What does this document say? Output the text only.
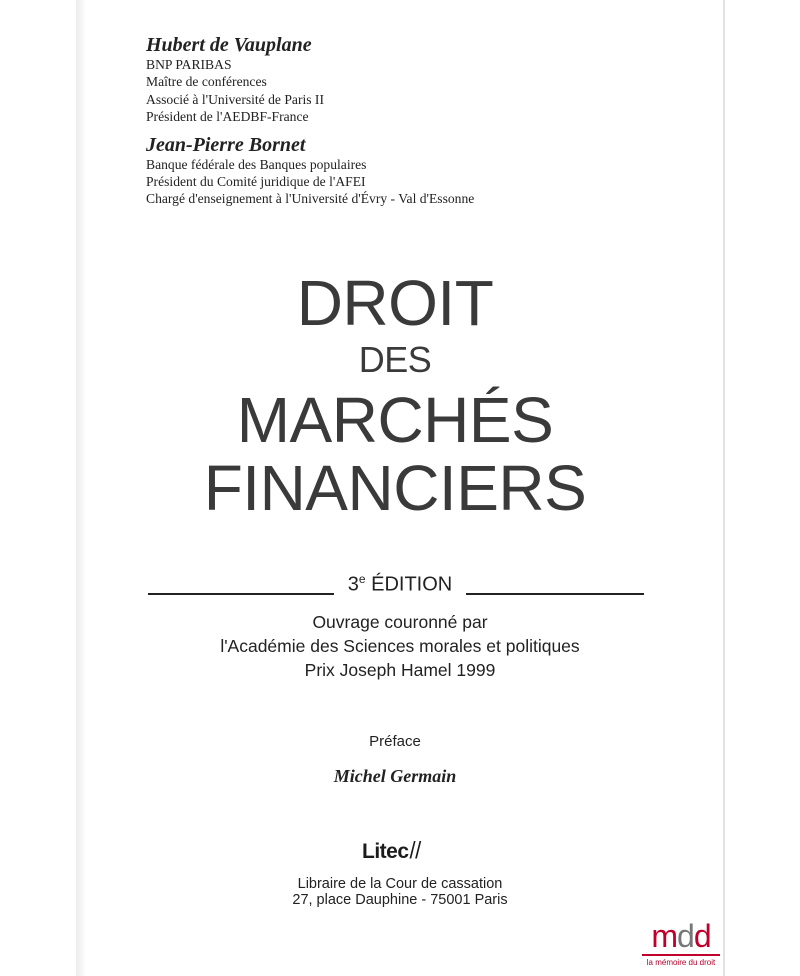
Hubert de Vauplane
BNP PARIBAS
Maître de conférences
Associé à l'Université de Paris II
Président de l'AEDBF-France
Jean-Pierre Bornet
Banque fédérale des Banques populaires
Président du Comité juridique de l'AFEI
Chargé d'enseignement à l'Université d'Évry - Val d'Essonne
DROIT
DES
MARCHÉS
FINANCIERS
3e ÉDITION
Ouvrage couronné par
l'Académie des Sciences morales et politiques
Prix Joseph Hamel 1999
Préface
Michel Germain
Litec//
Libraire de la Cour de cassation
27, place Dauphine - 75001 Paris
mdd
la mémoire du droit
